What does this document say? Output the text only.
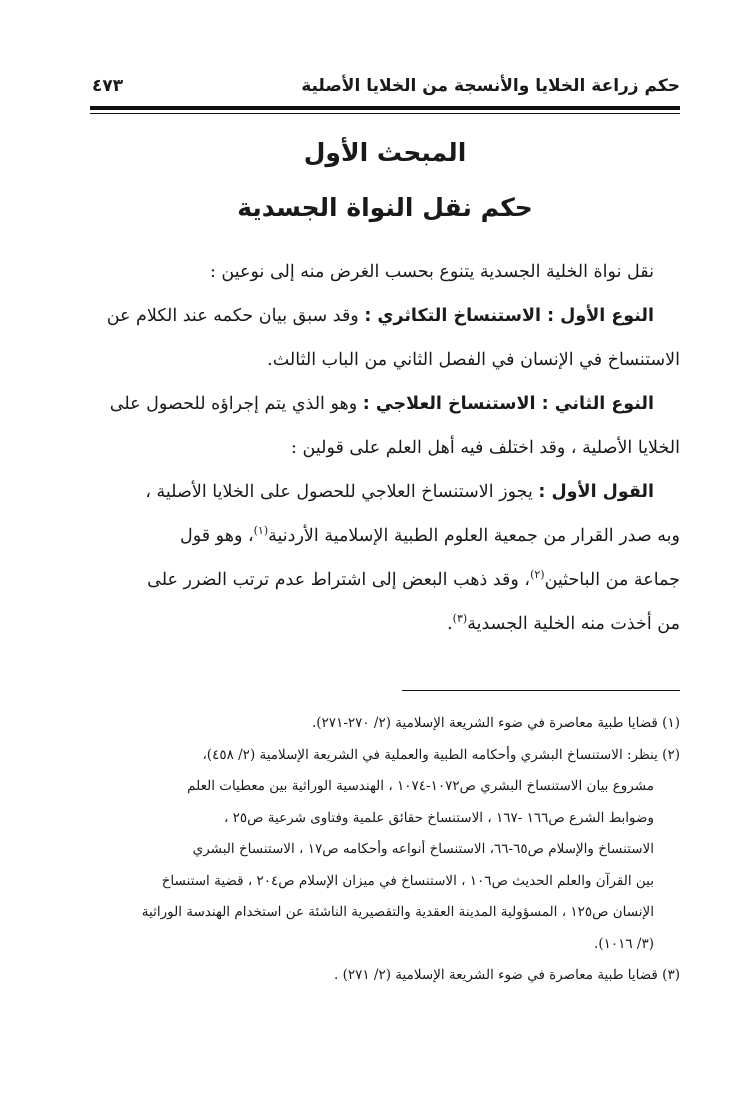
حكم زراعة الخلايا والأنسجة من الخلايا الأصلية
٤٧٣
المبحث الأول
حكم نقل النواة الجسدية
نقل نواة الخلية الجسدية يتنوع بحسب الغرض منه إلى نوعين :
النوع الأول : الاستنساخ التكاثري : وقد سبق بيان حكمه عند الكلام عن
الاستنساخ في الإنسان في الفصل الثاني من الباب الثالث.
النوع الثاني : الاستنساخ العلاجي : وهو الذي يتم إجراؤه للحصول على
الخلايا الأصلية ، وقد اختلف فيه أهل العلم على قولين :
القول الأول : يجوز الاستنساخ العلاجي للحصول على الخلايا الأصلية ،
وبه صدر القرار من جمعية العلوم الطبية الإسلامية الأردنية$^{(١)}$، وهو قول
جماعة من الباحثين$^{(٢)}$، وقد ذهب البعض إلى اشتراط عدم ترتب الضرر على
من أخذت منه الخلية الجسدية$^{(٣)}$.
(١) قضايا طبية معاصرة في ضوء الشريعة الإسلامية (٢/ ٢٧٠-٢٧١).
(٢) ينظر: الاستنساخ البشري وأحكامه الطبية والعملية في الشريعة الإسلامية (٢/ ٤٥٨)،
مشروع بيان الاستنساخ البشري ص١٠٧٢-١٠٧٤ ، الهندسية الوراثية بين معطيات العلم
وضوابط الشرع ص١٦٦ -١٦٧ ، الاستنساخ حقائق علمية وفتاوى شرعية ص٢٥ ،
الاستنساخ والإسلام ص٦٥-٦٦، الاستنساخ أنواعه وأحكامه ص١٧ ، الاستنساخ البشري
بين القرآن والعلم الحديث ص١٠٦ ، الاستنساخ في ميزان الإسلام ص٢٠٤ ، قضية استنساخ
الإنسان ص١٢٥ ، المسؤولية المدينة العقدية والتقصيرية الناشئة عن استخدام الهندسة الوراثية
(٣/ ١٠١٦).
(٣) قضايا طبية معاصرة في ضوء الشريعة الإسلامية (٢/ ٢٧١) .
